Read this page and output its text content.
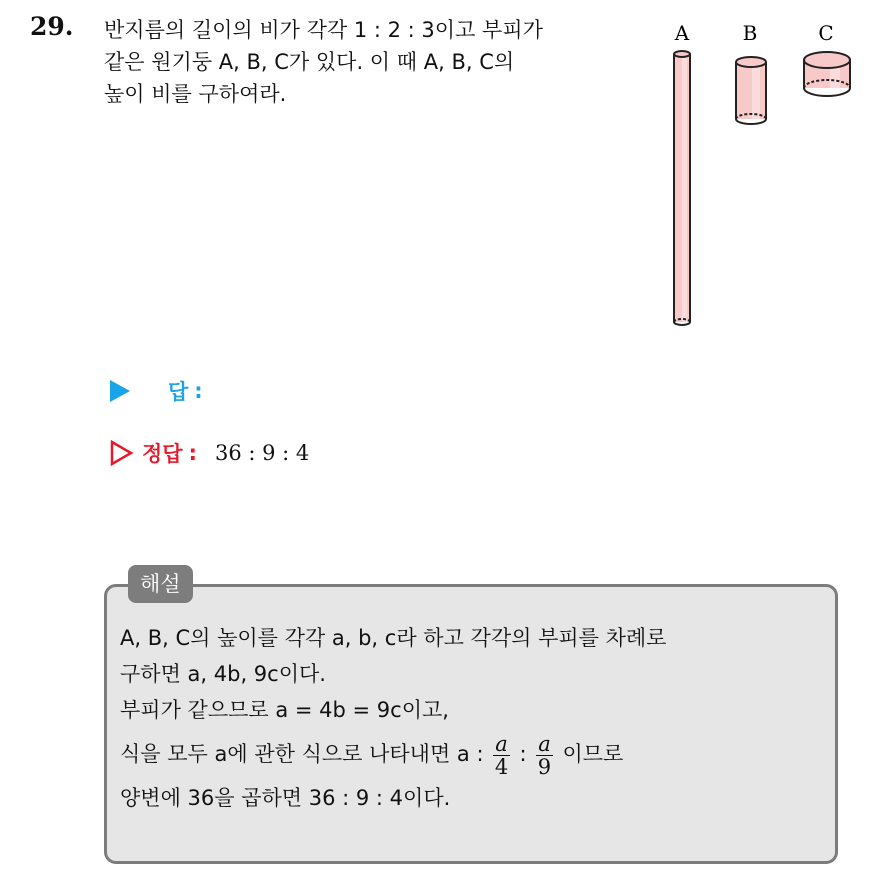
29. 반지름의 길이의 비가 각각 1 : 2 : 3이고 부피가

같은 원기둥 A, B, C가 있다. 이 때 A, B, C의

높이 비를 구하여라.

A	B	C
답 :
정답 : 36 : 9 : 4
해설
A, B, C의 높이를 각각 a, b, c라 하고 각각의 부피를 차례로
구하면 a, 4b, 9c이다.
부피가 같으므로 a = 4b = 9c이고,
식을 모두 a에 관한 식으로 나타내면 a : $\frac{a}{4}$ : $\frac{a}{9}$ 이므로
양변에 36을 곱하면 36 : 9 : 4이다.
